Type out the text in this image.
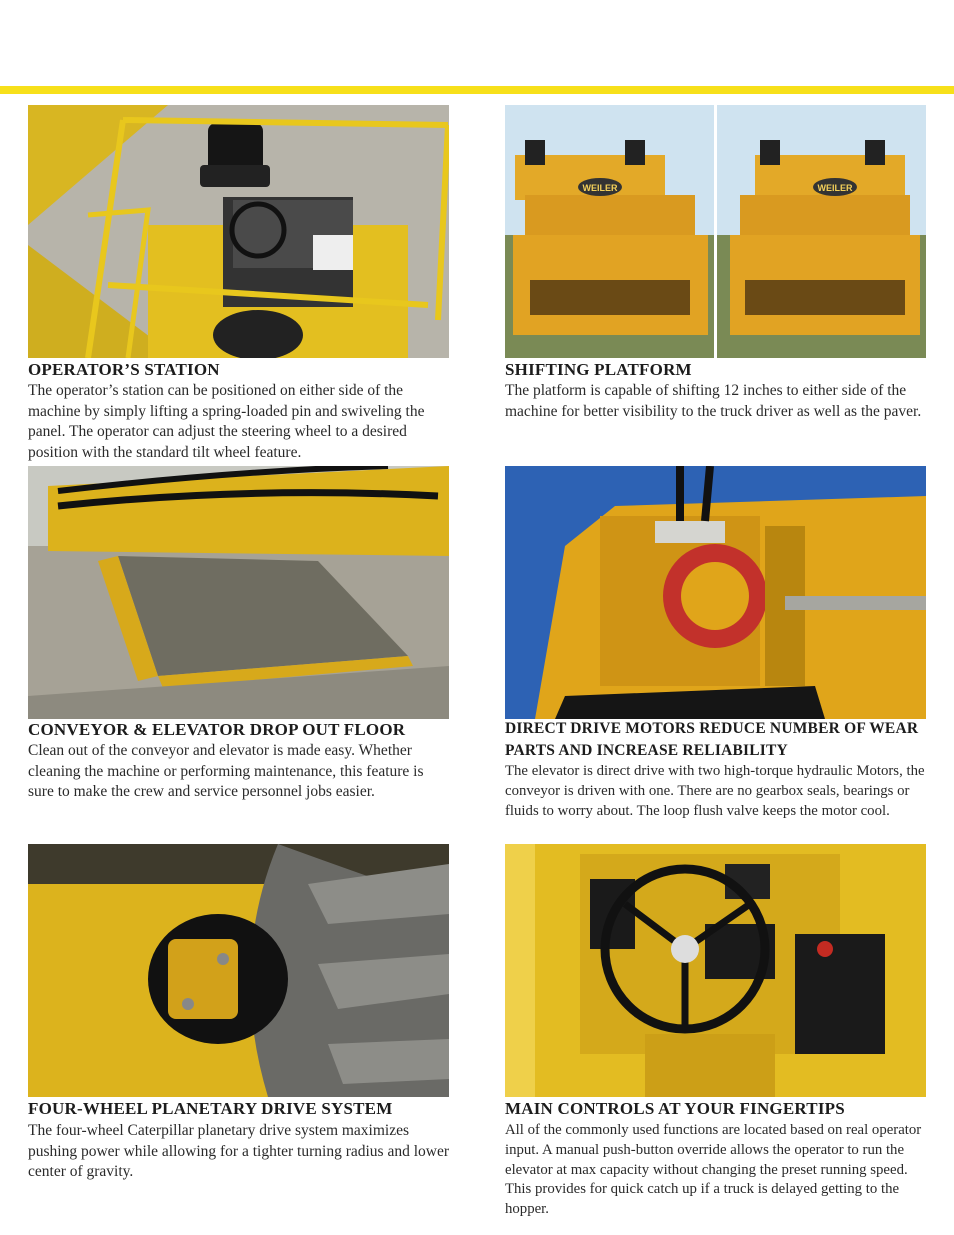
OPERATOR’S STATION
The operator’s station can be positioned on either side of the machine by simply lifting a spring-loaded pin and swiveling the panel. The operator can adjust the steering wheel to a desired position with the standard tilt wheel feature.
WEILER	WEILER
SHIFTING PLATFORM
The platform is capable of shifting 12 inches to either side of the machine for better visibility to the truck driver as well as the paver.
CONVEYOR & ELEVATOR DROP OUT FLOOR
Clean out of the conveyor and elevator is made easy. Whether cleaning the machine or performing maintenance, this feature is sure to make the crew and service personnel jobs easier.
DIRECT DRIVE MOTORS REDUCE NUMBER OF WEAR PARTS AND INCREASE RELIABILITY
The elevator is direct drive with two high-torque hydraulic Motors, the conveyor is driven with one. There are no gearbox seals, bearings or fluids to worry about. The loop flush valve keeps the motor cool.
FOUR-WHEEL PLANETARY DRIVE SYSTEM
The four-wheel Caterpillar planetary drive system maximizes pushing power while allowing for a tighter turning radius and lower center of gravity.
MAIN CONTROLS AT YOUR FINGERTIPS
All of the commonly used functions are located based on real operator input. A manual push-button override allows the operator to run the elevator at max capacity without changing the preset running speed. This provides for quick catch up if a truck is delayed getting to the hopper.
